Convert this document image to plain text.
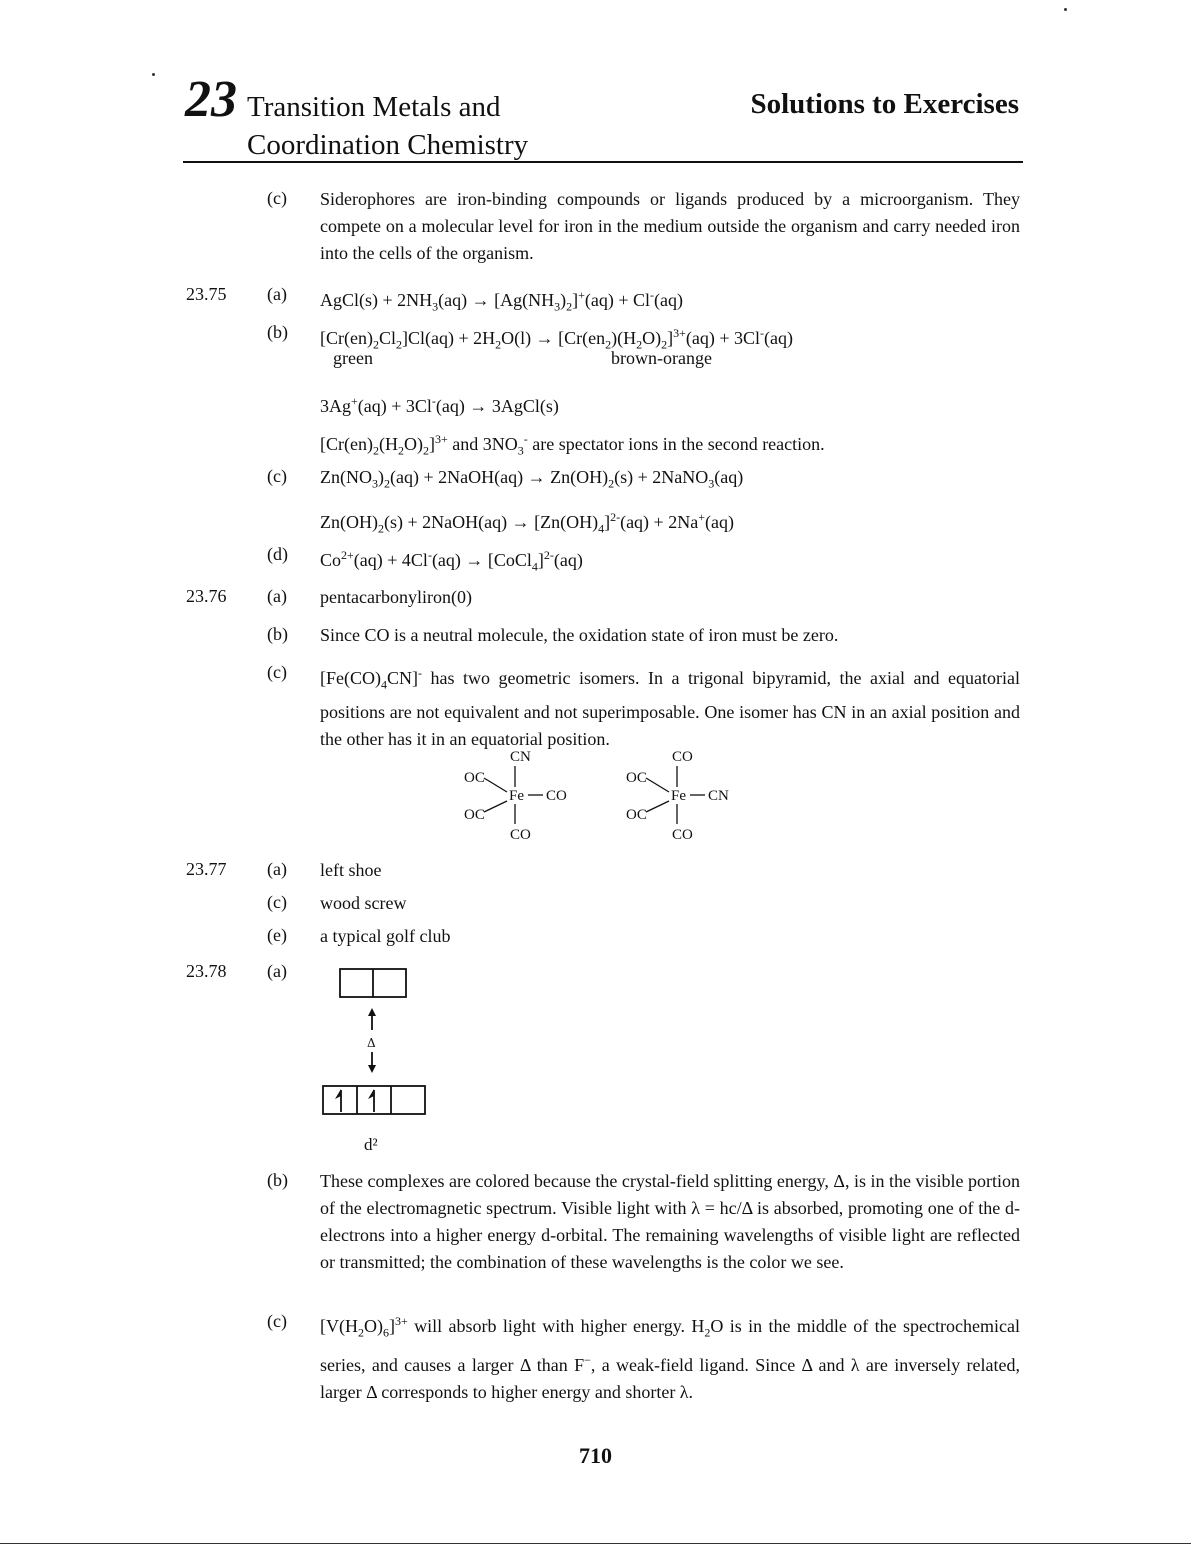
23 Transition Metals and
Coordination Chemistry
Solutions to Exercises
(c) Siderophores are iron-binding compounds or ligands produced by a microorganism. They compete on a molecular level for iron in the medium outside the organism and carry needed iron into the cells of the organism.
23.75 (a) AgCl(s) + $2NH_3(aq) \to [Ag(NH_3)_2]^+(aq) + Cl^-(aq)$
(b) $[Cr(en)_2Cl_2]Cl(aq) + 2H_2O(l) \to [Cr(en_2)(H_2O)_2]^{3+}(aq) + 3Cl^-(aq)$
green	brown-orange
3Ag+(aq) + 3Cl-(aq) → 3AgCl(s)
$[Cr(en)_2(H_2O)_2]^{3+}$ and $3NO_3^-$ are spectator ions in the second reaction.
(c) $Zn(NO_3)_2(aq)$ + 2NaOH(aq) → $Zn(OH)_2(s)$ + 2NaNO$_3$(aq)
$Zn(OH)_2(s)$ + 2NaOH(aq) → $[Zn(OH)_4]^{2-}(aq) + 2Na^+(aq)$
(d) $Co^{2+}(aq) + 4Cl^-(aq)$ → [CoCl$_4$]$^{2-}$(aq)
23.76 (a) pentacarbonyliron(0)
(b) Since CO is a neutral molecule, the oxidation state of iron must be zero.
(c) $[Fe(CO)_4CN]^-$ has two geometric isomers. In a trigonal bipyramid, the axial and equatorial positions are not equivalent and not superimposable. One isomer has CN in an axial position and the other has it in an equatorial position.
CN
OC
Fe CO
OC
CO
CO
OC
Fe CN
OC
CO
23.77 (a) left shoe
(c) wood screw
(e) a typical golf club
23.78 (a)
Δ
d²
(b) These complexes are colored because the crystal-field splitting energy, Δ, is in the visible portion of the electromagnetic spectrum. Visible light with λ = hc/Δ is absorbed, promoting one of the d-electrons into a higher energy d-orbital. The remaining wavelengths of visible light are reflected or transmitted; the combination of these wavelengths is the color we see.
(c) $[V(H_2O)_6]^{3+}$ will absorb light with higher energy. $H_2O$ is in the middle of the spectrochemical series, and causes a larger Δ than F−, a weak-field ligand. Since Δ and λ are inversely related, larger Δ corresponds to higher energy and shorter λ.
710
